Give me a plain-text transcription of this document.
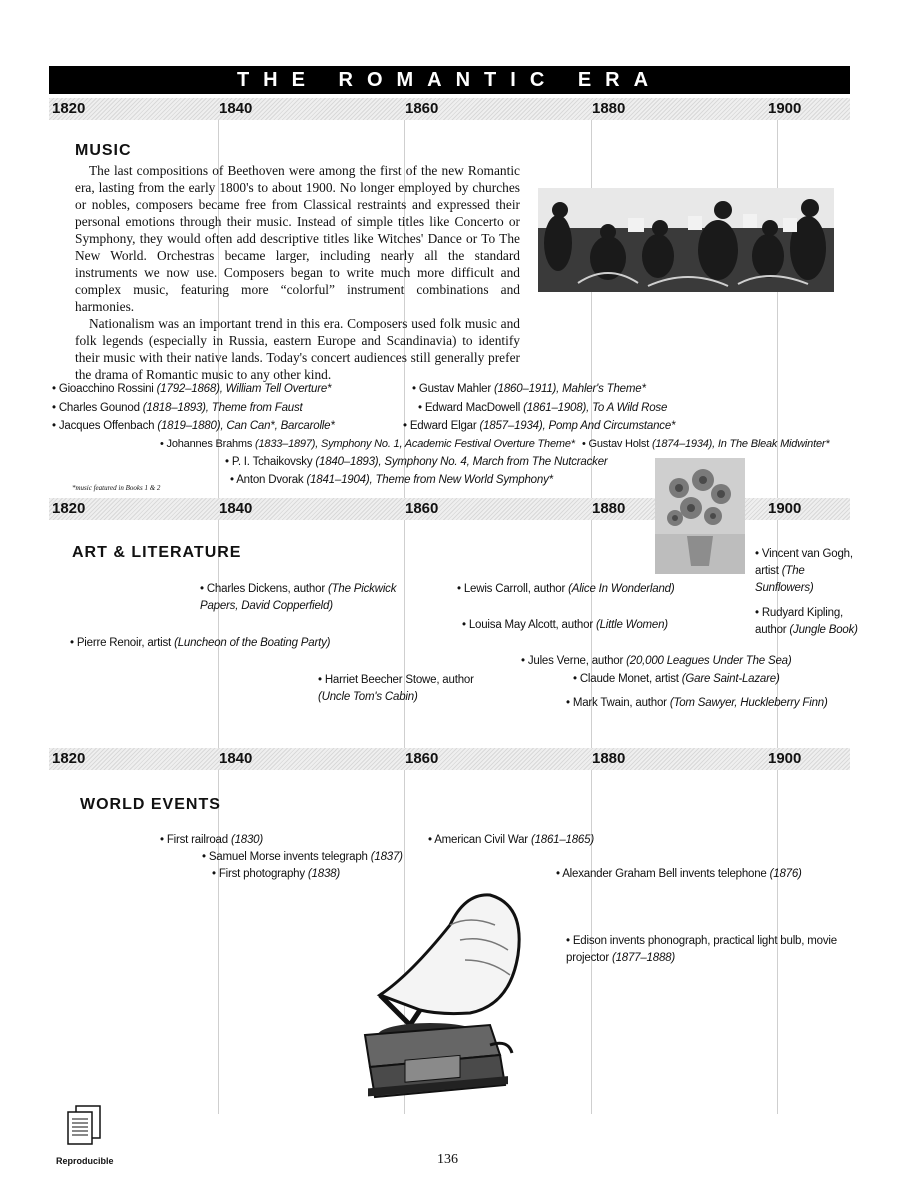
THE ROMANTIC ERA
1820	1840	1860	1880	1900
MUSIC

The last compositions of Beethoven were among the first of the new Romantic era, lasting from the early 1800's to about 1900. No longer employed by churches or nobles, composers became free from Classical restraints and expressed their personal emotions through their music. Instead of simple titles like Concerto or Symphony, they would often add descriptive titles like Witches' Dance or To The New World. Orchestras became larger, including nearly all the standard instruments we now use. Composers began to write much more difficult and complex music, featuring more “colorful” instrument combinations and harmonies.

Nationalism was an important trend in this era. Composers used folk music and folk legends (especially in Russia, eastern Europe and Scandinavia) to identify their music with their native lands. Today's concert audiences still generally prefer the drama of Romantic music to any other kind.

• Gioacchino Rossini (1792–1868), William Tell Overture*
• Charles Gounod (1818–1893), Theme from Faust
• Jacques Offenbach (1819–1880), Can Can*, Barcarolle*
• Johannes Brahms (1833–1897), Symphony No. 1, Academic Festival Overture Theme*
• P. I. Tchaikovsky (1840–1893), Symphony No. 4, March from The Nutcracker
• Anton Dvorak (1841–1904), Theme from New World Symphony*
• Gustav Mahler (1860–1911), Mahler's Theme*
• Edward MacDowell (1861–1908), To A Wild Rose
• Edward Elgar (1857–1934), Pomp And Circumstance*
• Gustav Holst (1874–1934), In The Bleak Midwinter*
*music featured in Books 1 & 2
1820	1840	1860	1880	1900
ART & LITERATURE
• Charles Dickens, author (The Pickwick Papers, David Copperfield)
• Pierre Renoir, artist (Luncheon of the Boating Party)
• Harriet Beecher Stowe, author (Uncle Tom's Cabin)
• Lewis Carroll, author (Alice In Wonderland)
• Louisa May Alcott, author (Little Women)
• Jules Verne, author (20,000 Leagues Under The Sea)
• Claude Monet, artist (Gare Saint-Lazare)
• Mark Twain, author (Tom Sawyer, Huckleberry Finn)
• Vincent van Gogh, artist (The Sunflowers)
• Rudyard Kipling, author (Jungle Book)
1820	1840	1860	1880	1900
WORLD EVENTS
• First railroad (1830)
• Samuel Morse invents telegraph (1837)
• First photography (1838)
• American Civil War (1861–1865)
• Alexander Graham Bell invents telephone (1876)
• Edison invents phonograph, practical light bulb, movie projector (1877–1888)
Reproducible	136
